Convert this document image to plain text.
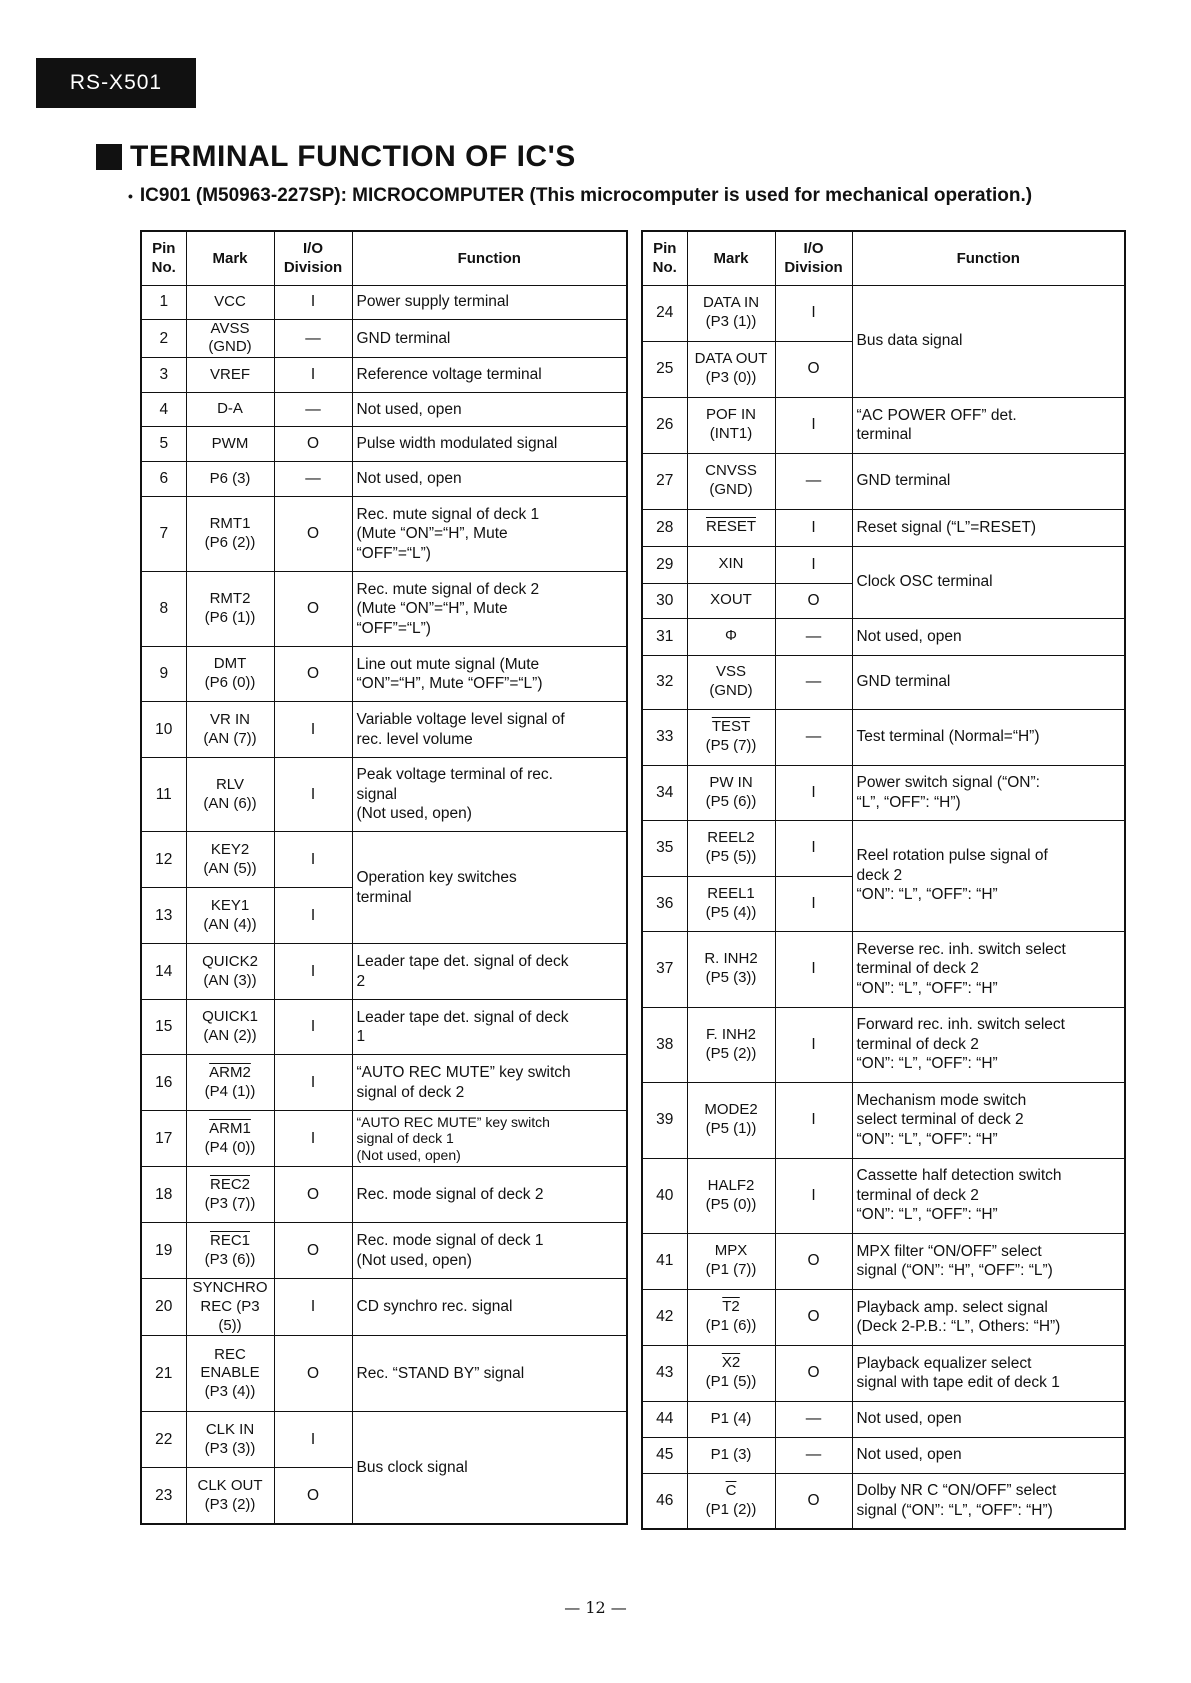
RS-X501
TERMINAL FUNCTION OF IC'S
• IC901 (M50963-227SP): MICROCOMPUTER (This microcomputer is used for mechanical operation.)
Pin
No.	Mark	I/O
Division	Function
1	VCC	I	Power supply terminal
2	AVSS (GND)	—	GND terminal
3	VREF	I	Reference voltage terminal
4	D-A	—	Not used, open
5	PWM	O	Pulse width modulated signal
6	P6 (3)	—	Not used, open
7	RMT1
(P6 (2))	O	Rec. mute signal of deck 1
(Mute “ON”=“H”, Mute
“OFF”=“L”)

8	RMT2
(P6 (1))	O	Rec. mute signal of deck 2
(Mute “ON”=“H”, Mute
“OFF”=“L”)

9	DMT
(P6 (0))	O	Line out mute signal (Mute
“ON”=“H”, Mute “OFF”=“L”)

10	VR IN
(AN (7))	I	Variable voltage level signal of
rec. level volume

11	RLV
(AN (6))	I	Peak voltage terminal of rec.
signal
(Not used, open)

12	KEY2
(AN (5))	I	Operation key switches
terminal

13	KEY1
(AN (4))	I	
14	QUICK2
(AN (3))	I	Leader tape det. signal of deck
2

15	QUICK1
(AN (2))	I	Leader tape det. signal of deck
1

16	ARM2
(P4 (1))	I	“AUTO REC MUTE” key switch
signal of deck 2

17	ARM1
(P4 (0))	I	“AUTO REC MUTE” key switch
signal of deck 1
(Not used, open)

18	REC2
(P3 (7))	O	Rec. mode signal of deck 2
19	REC1
(P3 (6))	O	Rec. mode signal of deck 1
(Not used, open)

20	SYNCHRO
REC (P3 (5))	I	CD synchro rec. signal
21	REC
ENABLE
(P3 (4))	O	Rec. “STAND BY” signal
22	CLK IN
(P3 (3))	I	Bus clock signal
23	CLK OUT
(P3 (2))	O	
Pin
No.	Mark	I/O
Division	Function
24	DATA IN
(P3 (1))	I	Bus data signal
25	DATA OUT
(P3 (0))	O	
26	POF IN
(INT1)	I	“AC POWER OFF” det.
terminal

27	CNVSS
(GND)	—	GND terminal
28	RESET	I	Reset signal (“L”=RESET)
29	XIN	I	Clock OSC terminal
30	XOUT	O	
31	Φ	—	Not used, open
32	VSS
(GND)	—	GND terminal
33	TEST
(P5 (7))	—	Test terminal (Normal=“H”)
34	PW IN
(P5 (6))	I	Power switch signal (“ON”:
“L”, “OFF”: “H”)

35	REEL2
(P5 (5))	I	Reel rotation pulse signal of
deck 2
“ON”: “L”, “OFF”: “H”

36	REEL1
(P5 (4))	I	
37	R. INH2
(P5 (3))	I	Reverse rec. inh. switch select
terminal of deck 2
“ON”: “L”, “OFF”: “H”

38	F. INH2
(P5 (2))	I	Forward rec. inh. switch select
terminal of deck 2
“ON”: “L”, “OFF”: “H”

39	MODE2
(P5 (1))	I	Mechanism mode switch
select terminal of deck 2
“ON”: “L”, “OFF”: “H”

40	HALF2
(P5 (0))	I	Cassette half detection switch
terminal of deck 2
“ON”: “L”, “OFF”: “H”

41	MPX
(P1 (7))	O	MPX filter “ON/OFF” select
signal (“ON”: “H”, “OFF”: “L”)

42	T2
(P1 (6))	O	Playback amp. select signal
(Deck 2-P.B.: “L”, Others: “H”)

43	X2
(P1 (5))	O	Playback equalizer select
signal with tape edit of deck 1

44	P1 (4)	—	Not used, open
45	P1 (3)	—	Not used, open
46	$\overline{C}$
(P1 (2))	O	Dolby NR C “ON/OFF” select
signal (“ON”: “L”, “OFF”: “H”)
— 12 —
